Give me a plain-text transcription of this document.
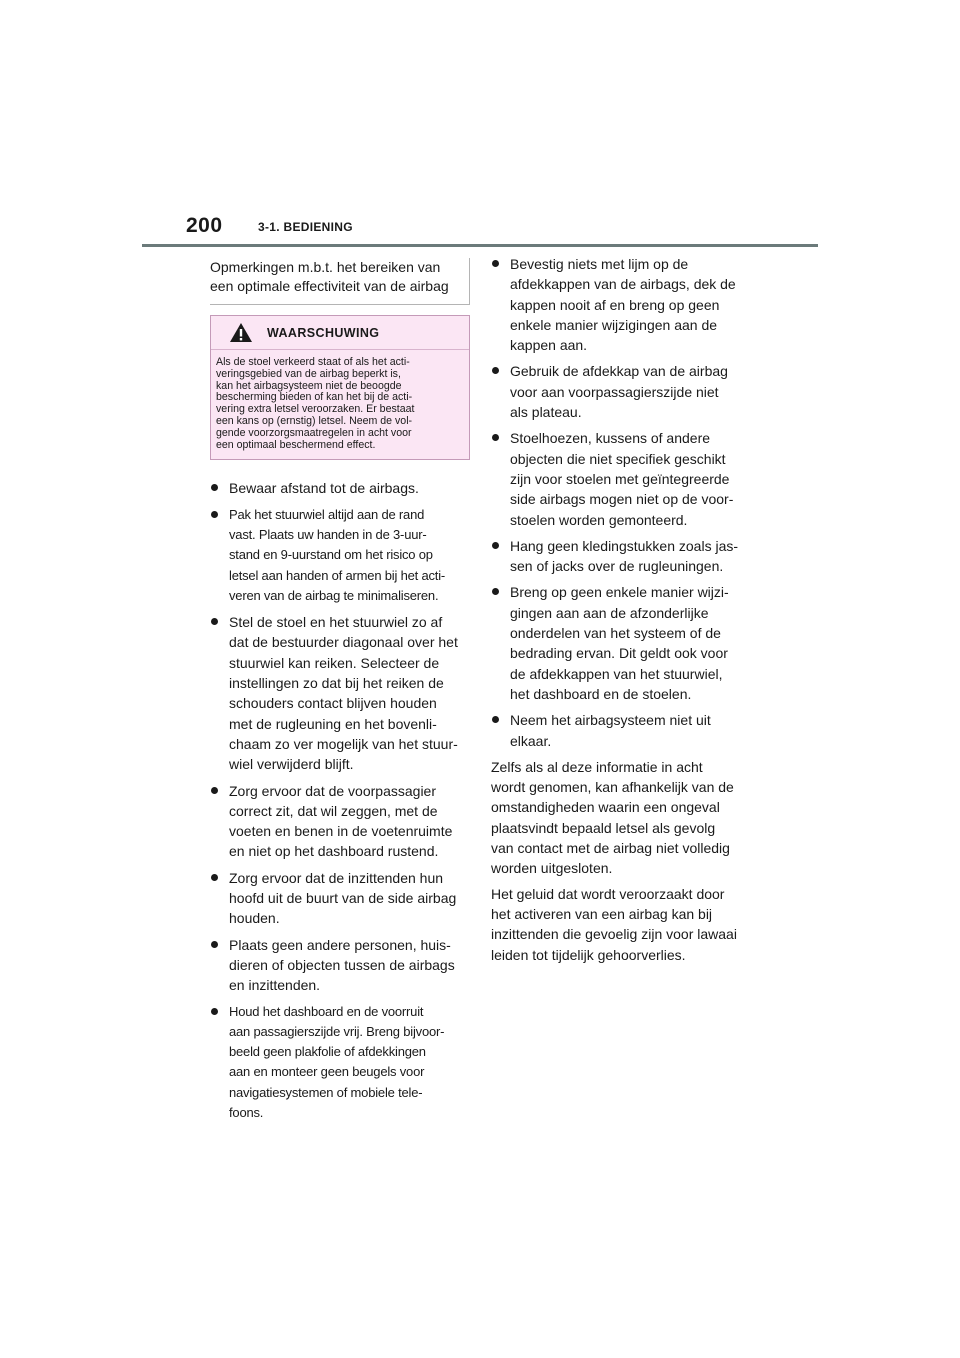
200	3-1. BEDIENING
Opmerkingen m.b.t. het bereiken van
een optimale effectiviteit van de airbag
WAARSCHUWING
Als de stoel verkeerd staat of als het acti-
veringsgebied van de airbag beperkt is,
kan het airbagsysteem niet de beoogde
bescherming bieden of kan het bij de acti-
vering extra letsel veroorzaken. Er bestaat
een kans op (ernstig) letsel. Neem de vol-
gende voorzorgsmaatregelen in acht voor
een optimaal beschermend effect.
Bewaar afstand tot de airbags.
Pak het stuurwiel altijd aan de rand
vast. Plaats uw handen in de 3-uur-
stand en 9-uurstand om het risico op
letsel aan handen of armen bij het acti-
veren van de airbag te minimaliseren.
Stel de stoel en het stuurwiel zo af
dat de bestuurder diagonaal over het
stuurwiel kan reiken. Selecteer de
instellingen zo dat bij het reiken de
schouders contact blijven houden
met de rugleuning en het bovenli-
chaam zo ver mogelijk van het stuur-
wiel verwijderd blijft.
Zorg ervoor dat de voorpassagier
correct zit, dat wil zeggen, met de
voeten en benen in de voetenruimte
en niet op het dashboard rustend.
Zorg ervoor dat de inzittenden hun
hoofd uit de buurt van de side airbag
houden.
Plaats geen andere personen, huis-
dieren of objecten tussen de airbags
en inzittenden.
Houd het dashboard en de voorruit
aan passagierszijde vrij. Breng bijvoor-
beeld geen plakfolie of afdekkingen
aan en monteer geen beugels voor
navigatiesystemen of mobiele tele-
foons.
Bevestig niets met lijm op de
afdekkappen van de airbags, dek de
kappen nooit af en breng op geen
enkele manier wijzigingen aan de
kappen aan.
Gebruik de afdekkap van de airbag
voor aan voorpassagierszijde niet
als plateau.
Stoelhoezen, kussens of andere
objecten die niet specifiek geschikt
zijn voor stoelen met geïntegreerde
side airbags mogen niet op de voor-
stoelen worden gemonteerd.
Hang geen kledingstukken zoals jas-
sen of jacks over de rugleuningen.
Breng op geen enkele manier wijzi-
gingen aan aan de afzonderlijke
onderdelen van het systeem of de
bedrading ervan. Dit geldt ook voor
de afdekkappen van het stuurwiel,
het dashboard en de stoelen.
Neem het airbagsysteem niet uit
elkaar.

Zelfs als al deze informatie in acht
wordt genomen, kan afhankelijk van de
omstandigheden waarin een ongeval
plaatsvindt bepaald letsel als gevolg
van contact met de airbag niet volledig
worden uitgesloten.

Het geluid dat wordt veroorzaakt door
het activeren van een airbag kan bij
inzittenden die gevoelig zijn voor lawaai
leiden tot tijdelijk gehoorverlies.
